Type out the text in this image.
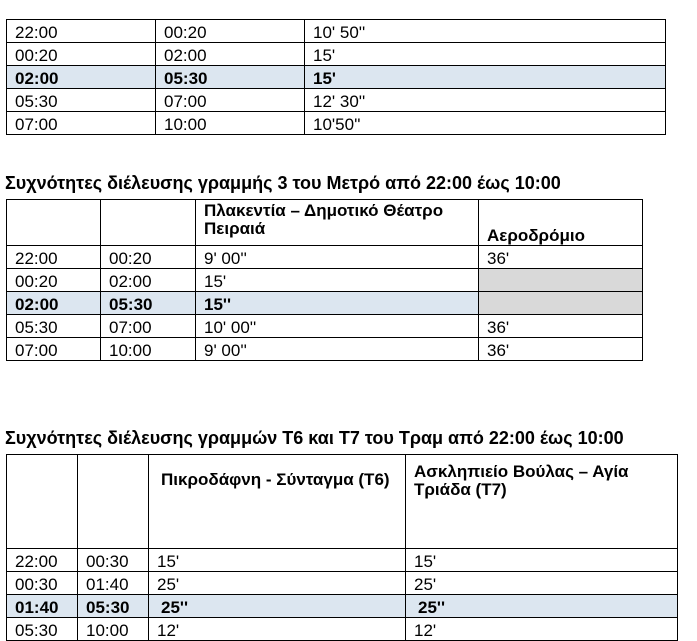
22:00	00:20	10' 50''
00:20	02:00	15'
02:00	05:30	15'
05:30	07:00	12' 30''
07:00	10:00	10'50''
Συχνότητες διέλευσης γραμμής 3 του Μετρό από 22:00 έως 10:00
		Πλακεντία – Δημοτικό Θέατρο Πειραιά	Αεροδρόμιο
22:00	00:20	9' 00''	36'
00:20	02:00	15'	
02:00	05:30	15''	
05:30	07:00	10' 00''	36'
07:00	10:00	9' 00''	36'
Συχνότητες διέλευσης γραμμών Τ6 και Τ7 του Τραμ από 22:00 έως 10:00
		Πικροδάφνη - Σύνταγμα (Τ6)	Ασκληπιείο Βούλας – Αγία Τριάδα (Τ7)
22:00	00:30	15'	15'
00:30	01:40	25'	25'
01:40	05:30	25''	25''
05:30	10:00	12'	12'
